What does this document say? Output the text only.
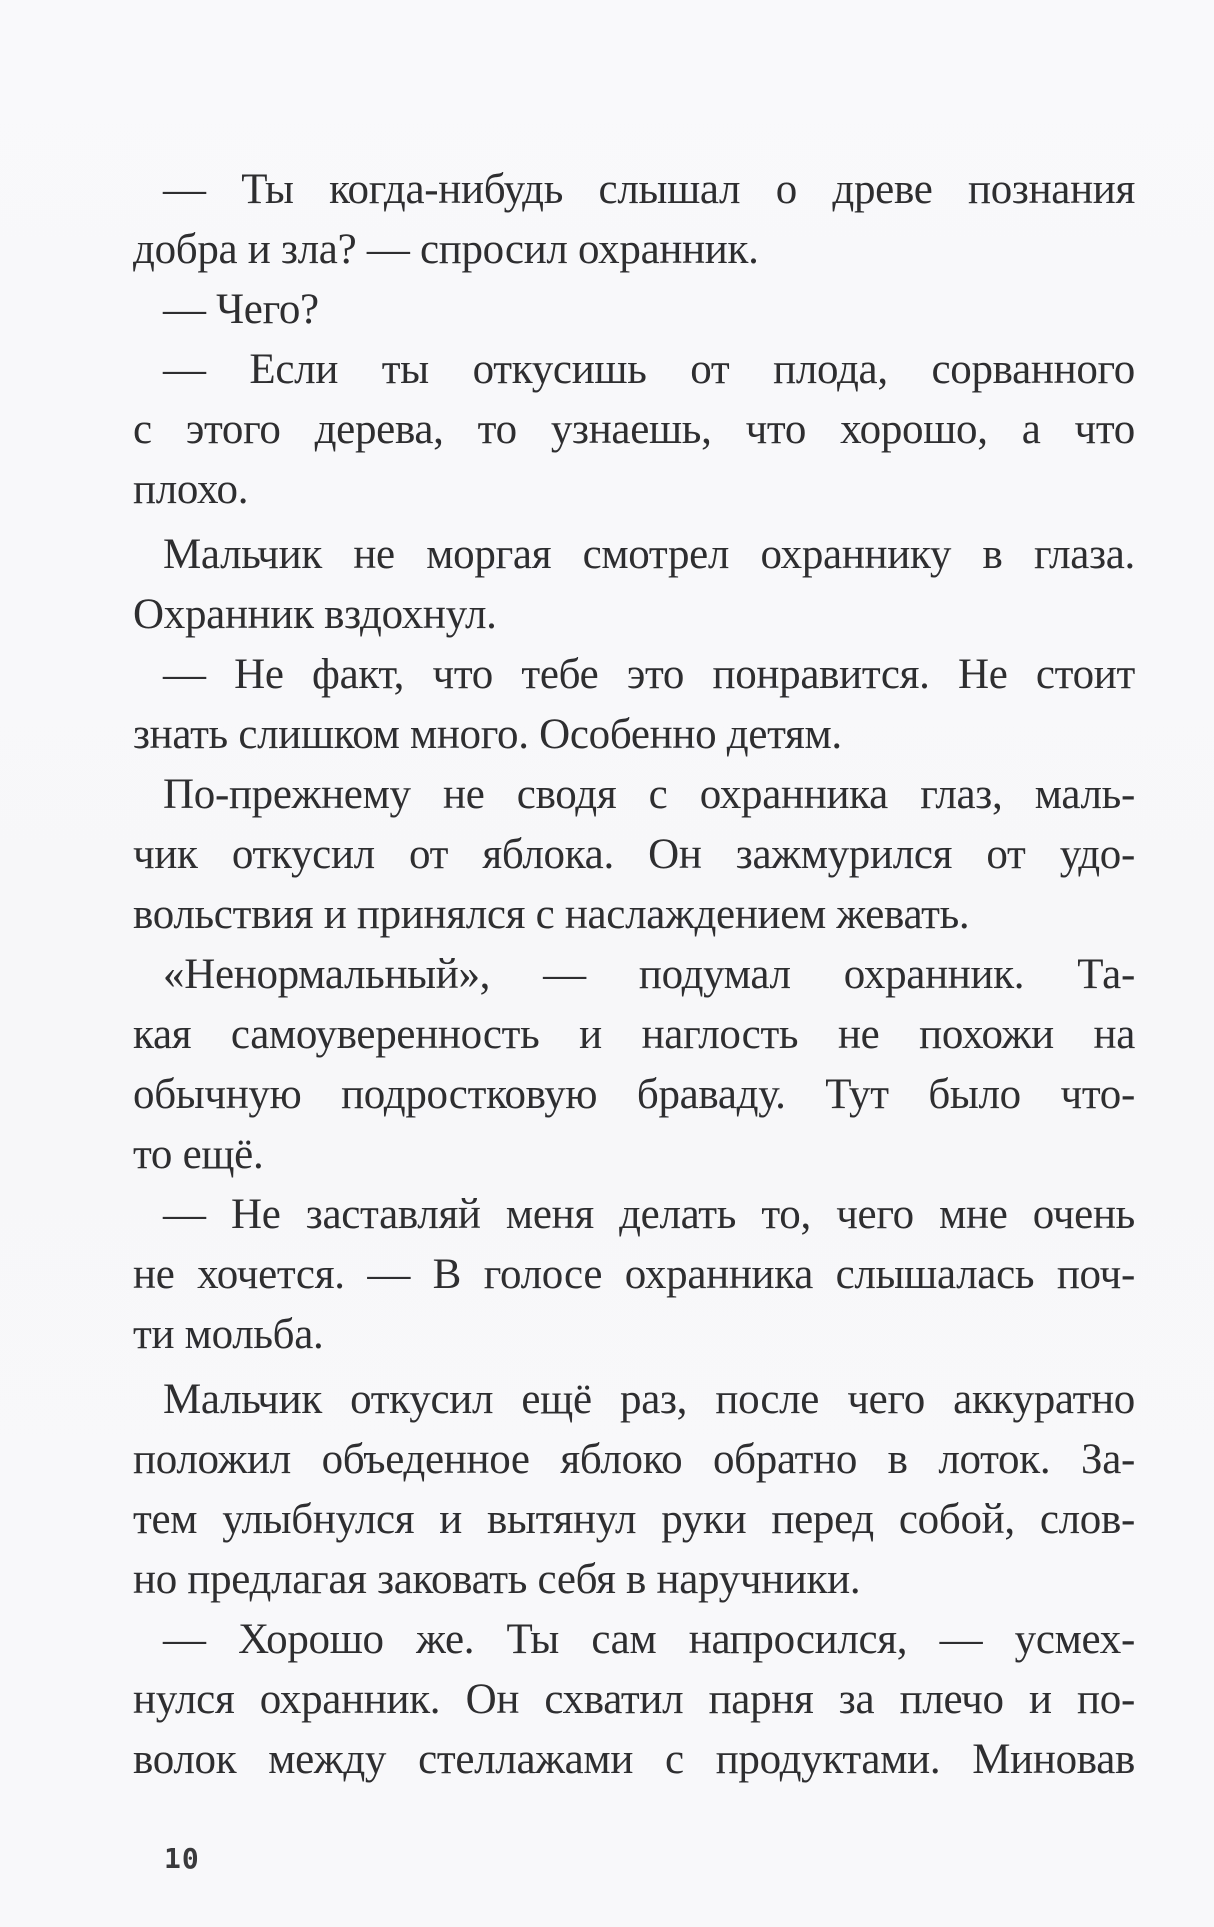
— Ты когда-нибудь слышал о древе познания
добра и зла? — спросил охранник.
— Чего?
— Если ты откусишь от плода, сорванного
с этого дерева, то узнаешь, что хорошо, а что
плохо.
Мальчик не моргая смотрел охраннику в глаза.
Охранник вздохнул.
— Не факт, что тебе это понравится. Не стоит
знать слишком много. Особенно детям.
По-прежнему не сводя с охранника глаз, маль-
чик откусил от яблока. Он зажмурился от удо-
вольствия и принялся с наслаждением жевать.
«Ненормальный», — подумал охранник. Та-
кая самоуверенность и наглость не похожи на
обычную подростковую браваду. Тут было что-
то ещё.
— Не заставляй меня делать то, чего мне очень
не хочется. — В голосе охранника слышалась поч-
ти мольба.
Мальчик откусил ещё раз, после чего аккуратно
положил объеденное яблоко обратно в лоток. За-
тем улыбнулся и вытянул руки перед собой, слов-
но предлагая заковать себя в наручники.
— Хорошо же. Ты сам напросился, — усмех-
нулся охранник. Он схватил парня за плечо и по-
волок между стеллажами с продуктами. Миновав
10
